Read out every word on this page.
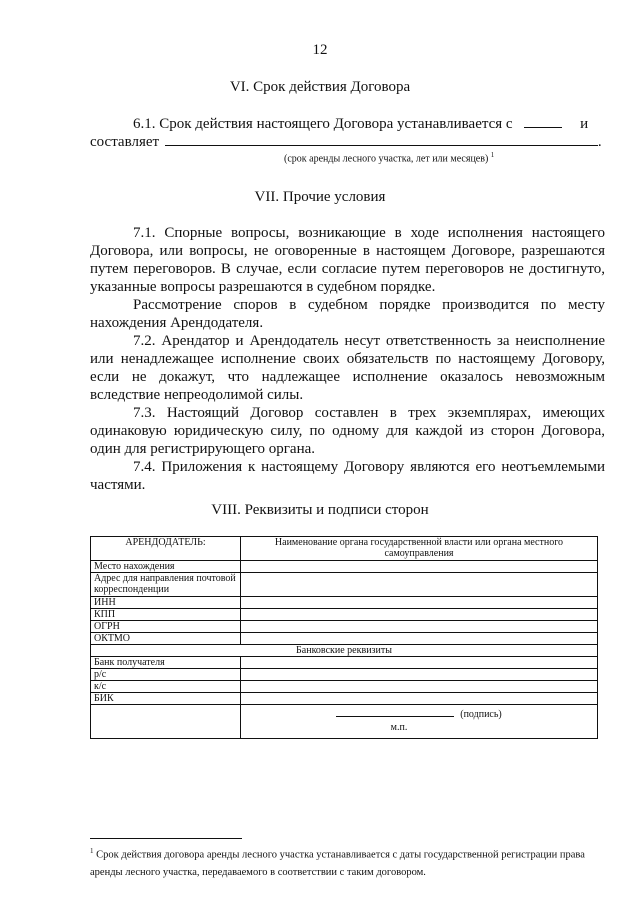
12
VI. Срок действия Договора
6.1. Срок действия настоящего Договора устанавливается с	и
составляет	.
(срок аренды лесного участка, лет или месяцев) $^1$
VII. Прочие условия
7.1. Спорные вопросы, возникающие в ходе исполнения настоящего
Договора, или вопросы, не оговоренные в настоящем Договоре, разрешаются
путем переговоров. В случае, если согласие путем переговоров не достигнуто,
указанные вопросы разрешаются в судебном порядке.
Рассмотрение споров в судебном порядке производится по месту
нахождения Арендодателя.
7.2. Арендатор и Арендодатель несут ответственность за неисполнение
или ненадлежащее исполнение своих обязательств по настоящему Договору,
если не докажут, что надлежащее исполнение оказалось невозможным
вследствие непреодолимой силы.
7.3. Настоящий Договор составлен в трех экземплярах, имеющих
одинаковую юридическую силу, по одному для каждой из сторон Договора,
один для регистрирующего органа.
7.4. Приложения к настоящему Договору являются его неотъемлемыми
частями.
VIII. Реквизиты и подписи сторон
АРЕНДОДАТЕЛЬ:	Наименование органа государственной власти или органа местного самоуправления
Место нахождения	
Адрес для направления почтовой корреспонденции	
ИНН	
КПП	
ОГРН	
ОКТМО	
Банковские реквизиты	
Банк получателя	
р/с	
к/с	
БИК	
	(подпись)
м.п.
$^1$ Срок действия договора аренды лесного участка устанавливается с даты государственной регистрации права аренды лесного участка, передаваемого в соответствии с таким договором.
